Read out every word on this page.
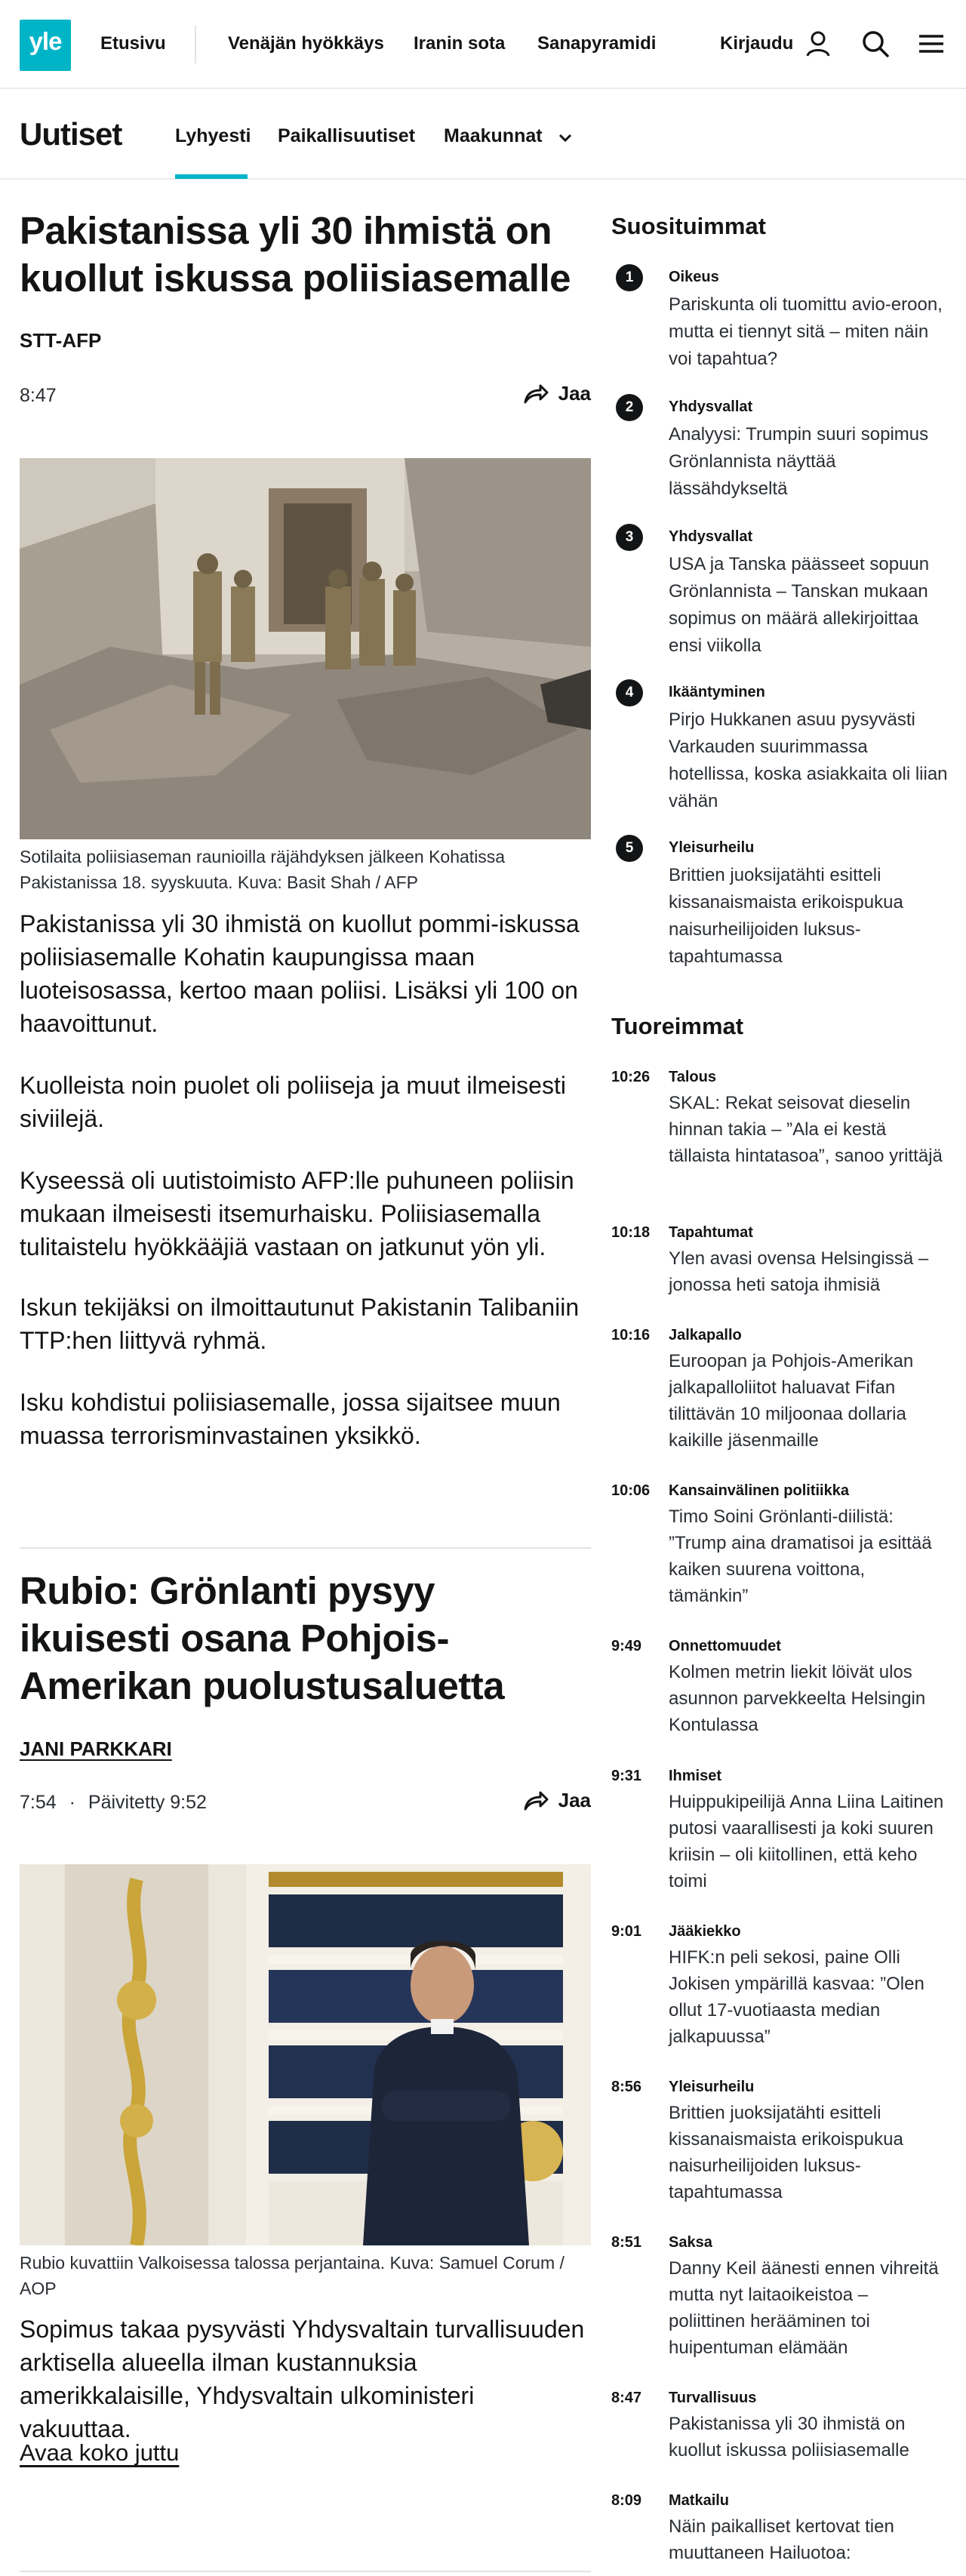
yle	Etusivu	Venäjän hyökkäys Iranin sota Sanapyramidi	Kirjaudu
Uutiset	Lyhyesti Paikallisuutiset Maakunnat
Pakistanissa yli 30 ihmistä on kuollut iskussa poliisiasemalle
STT-AFP
8:47	Jaa

Sotilaita poliisiaseman raunioilla räjähdyksen jälkeen Kohatissa Pakistanissa 18. syyskuuta. Kuva: Basit Shah / AFP

Pakistanissa yli 30 ihmistä on kuollut pommi-iskussa poliisiasemalle Kohatin kaupungissa maan luoteisosassa, kertoo maan poliisi. Lisäksi yli 100 on haavoittunut.

Kuolleista noin puolet oli poliiseja ja muut ilmeisesti siviilejä.

Kyseessä oli uutistoimisto AFP:lle puhuneen poliisin mukaan ilmeisesti itsemurhaisku. Poliisiasemalla tulitaistelu hyökkääjiä vastaan on jatkunut yön yli.

Iskun tekijäksi on ilmoittautunut Pakistanin Talibaniin TTP:hen liittyvä ryhmä.

Isku kohdistui poliisiasemalle, jossa sijaitsee muun muassa terrorisminvastainen yksikkö.

Rubio: Grönlanti pysyy ikuisesti osana Pohjois-Amerikan puolustusaluetta
JANI PARKKARI
7:54 · Päivitetty 9:52	Jaa

Rubio kuvattiin Valkoisessa talossa perjantaina. Kuva: Samuel Corum / AOP

Sopimus takaa pysyvästi Yhdysvaltain turvallisuuden arktisella alueella ilman kustannuksia amerikkalaisille, Yhdysvaltain ulkoministeri vakuuttaa.

Avaa koko juttu
Suosituimmat
1	Oikeus
Pariskunta oli tuomittu avio-eroon, mutta ei tiennyt sitä – miten näin voi tapahtua?
2	Yhdysvallat
Analyysi: Trumpin suuri sopimus Grönlannista näyttää lässähdykseltä
3	Yhdysvallat
USA ja Tanska päässeet sopuun Grönlannista – Tanskan mukaan sopimus on määrä allekirjoittaa ensi viikolla
4	Ikääntyminen
Pirjo Hukkanen asuu pysyvästi Varkauden suurimmassa hotellissa, koska asiakkaita oli liian vähän
5	Yleisurheilu
Brittien juoksijatähti esitteli kissanaismaista erikoispukua naisurheilijoiden luksus-tapahtumassa
Tuoreimmat
10:26	Talous
SKAL: Rekat seisovat dieselin hinnan takia – ”Ala ei kestä tällaista hintatasoa”, sanoo yrittäjä
10:18	Tapahtumat
Ylen avasi ovensa Helsingissä – jonossa heti satoja ihmisiä
10:16	Jalkapallo
Euroopan ja Pohjois-Amerikan jalkapalloliitot haluavat Fifan tilittävän 10 miljoonaa dollaria kaikille jäsenmaille
10:06	Kansainvälinen politiikka
Timo Soini Grönlanti-diilistä: ”Trump aina dramatisoi ja esittää kaiken suurena voittona, tämänkin”
9:49	Onnettomuudet
Kolmen metrin liekit löivät ulos asunnon parvekkeelta Helsingin Kontulassa
9:31	Ihmiset
Huippukipeilijä Anna Liina Laitinen putosi vaarallisesti ja koki suuren kriisin – oli kiitollinen, että keho toimi
9:01	Jääkiekko
HIFK:n peli sekosi, paine Olli Jokisen ympärillä kasvaa: ”Olen ollut 17-vuotiaasta median jalkapuussa”
8:56	Yleisurheilu
Brittien juoksijatähti esitteli kissanaismaista erikoispukua naisurheilijoiden luksus-tapahtumassa
8:51	Saksa
Danny Keil äänesti ennen vihreitä mutta nyt laitaoikeistoa – poliittinen herääminen toi huipentuman elämään
8:47	Turvallisuus
Pakistanissa yli 30 ihmistä on kuollut iskussa poliisiasemalle
8:09	Matkailu
Näin paikalliset kertovat tien muuttaneen Hailuotoa:
